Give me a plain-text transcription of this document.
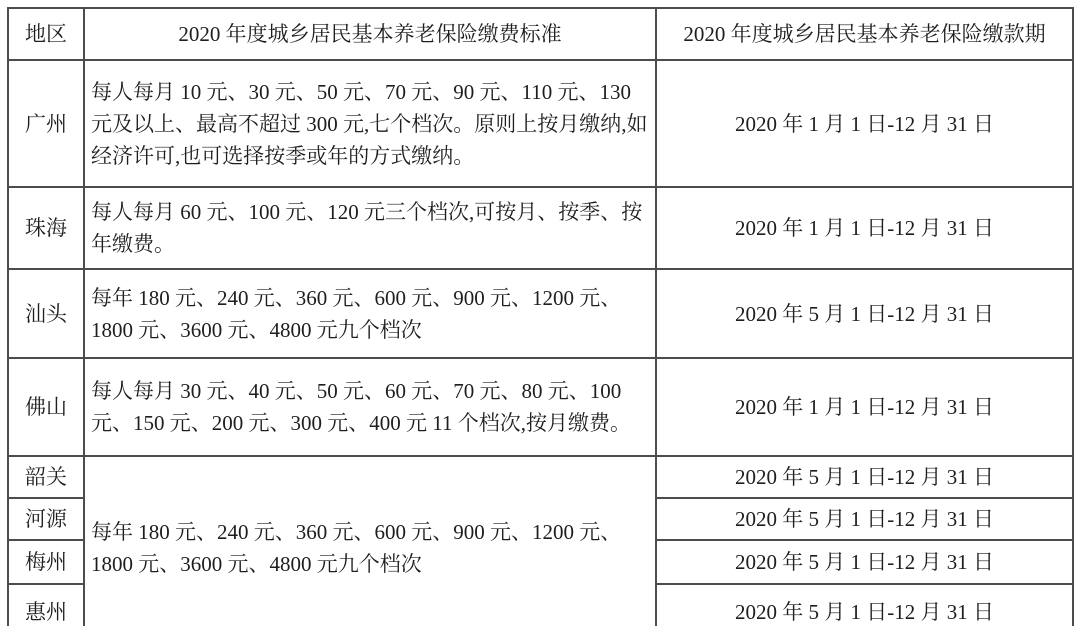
地区	2020 年度城乡居民基本养老保险缴费标准	2020 年度城乡居民基本养老保险缴款期
广州	每人每月 10 元、30 元、50 元、70 元、90 元、110 元、130 元及以上、最高不超过 300 元,七个档次。原则上按月缴纳,如经济许可,也可选择按季或年的方式缴纳。	2020 年 1 月 1 日-12 月 31 日
珠海	每人每月 60 元、100 元、120 元三个档次,可按月、按季、按年缴费。	2020 年 1 月 1 日-12 月 31 日
汕头	每年 180 元、240 元、360 元、600 元、900 元、1200 元、1800 元、3600 元、4800 元九个档次	2020 年 5 月 1 日-12 月 31 日
佛山	每人每月 30 元、40 元、50 元、60 元、70 元、80 元、100 元、150 元、200 元、300 元、400 元 11 个档次,按月缴费。	2020 年 1 月 1 日-12 月 31 日
韶关	每年 180 元、240 元、360 元、600 元、900 元、1200 元、1800 元、3600 元、4800 元九个档次	2020 年 5 月 1 日-12 月 31 日
河源		2020 年 5 月 1 日-12 月 31 日
梅州		2020 年 5 月 1 日-12 月 31 日
惠州		2020 年 5 月 1 日-12 月 31 日
